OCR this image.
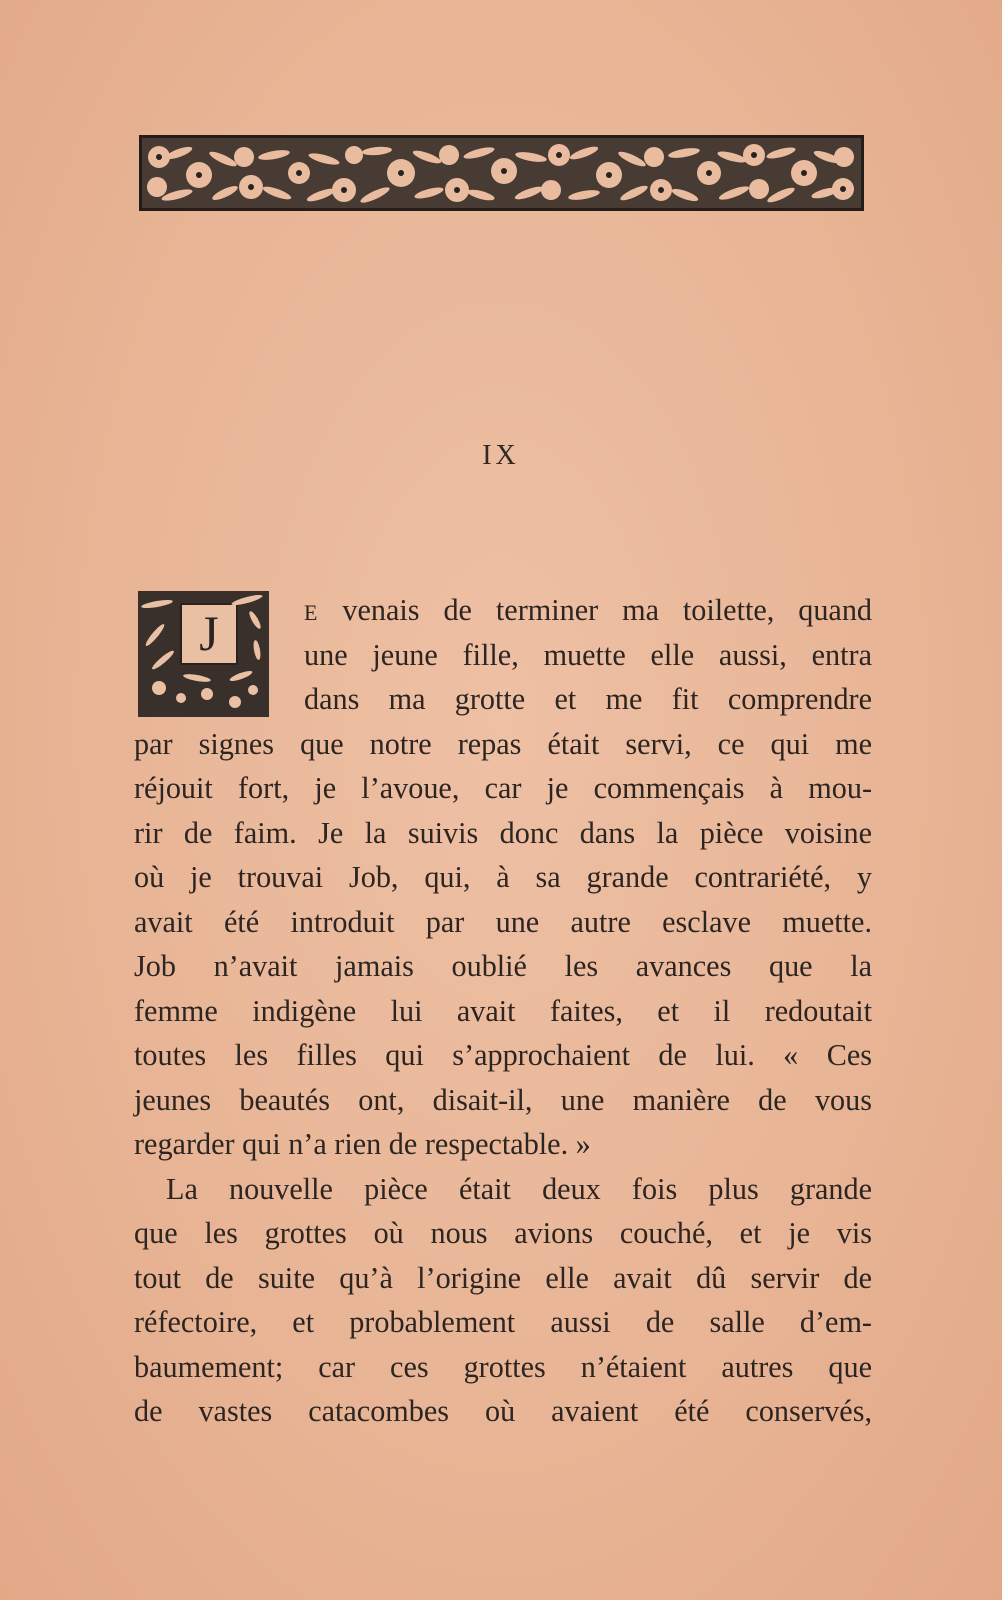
IX
J	E venais de terminer ma toilette, quand
une jeune fille, muette elle aussi, entra
dans ma grotte et me fit comprendre
par signes que notre repas était servi, ce qui me
réjouit fort, je l’avoue, car je commençais à mou-
rir de faim. Je la suivis donc dans la pièce voisine
où je trouvai Job, qui, à sa grande contrariété, y
avait été introduit par une autre esclave muette.
Job n’avait jamais oublié les avances que la
femme indigène lui avait faites, et il redoutait
toutes les filles qui s’approchaient de lui. « Ces
jeunes beautés ont, disait-il, une manière de vous
regarder qui n’a rien de respectable. »
La nouvelle pièce était deux fois plus grande
que les grottes où nous avions couché, et je vis
tout de suite qu’à l’origine elle avait dû servir de
réfectoire, et probablement aussi de salle d’em-
baumement; car ces grottes n’étaient autres que
de vastes catacombes où avaient été conservés,
